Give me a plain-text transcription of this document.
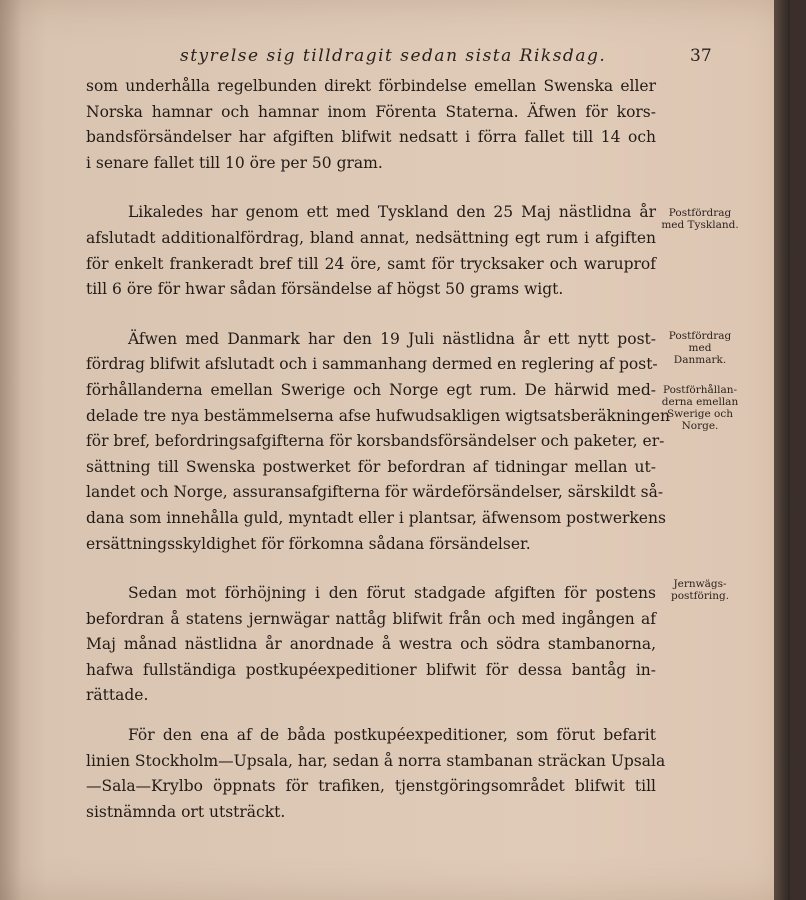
styrelse sig tilldragit sedan sista Riksdag.	37
som underhålla regelbunden direkt förbindelse emellan Swenska eller
Norska hamnar och hamnar inom Förenta Staterna. Äfwen för kors-
bandsförsändelser har afgiften blifwit nedsatt i förra fallet till 14 och
i senare fallet till 10 öre per 50 gram.
Likaledes har genom ett med Tyskland den 25 Maj nästlidna år
afslutadt additionalfördrag, bland annat, nedsättning egt rum i afgiften
för enkelt frankeradt bref till 24 öre, samt för trycksaker och waruprof
till 6 öre för hwar sådan försändelse af högst 50 grams wigt.
Äfwen med Danmark har den 19 Juli nästlidna år ett nytt post-
fördrag blifwit afslutadt och i sammanhang dermed en reglering af post-
förhållanderna emellan Swerige och Norge egt rum. De härwid med-
delade tre nya bestämmelserna afse hufwudsakligen wigtsatsberäkningen
för bref, befordringsafgifterna för korsbandsförsändelser och paketer, er-
sättning till Swenska postwerket för befordran af tidningar mellan ut-
landet och Norge, assuransafgifterna för wärdeförsändelser, särskildt så-
dana som innehålla guld, myntadt eller i plantsar, äfwensom postwerkens
ersättningsskyldighet för förkomna sådana försändelser.
Sedan mot förhöjning i den förut stadgade afgiften för postens
befordran å statens jernwägar nattåg blifwit från och med ingången af
Maj månad nästlidna år anordnade å westra och södra stambanorna,
hafwa fullständiga postkupéexpeditioner blifwit för dessa bantåg in-
rättade.
För den ena af de båda postkupéexpeditioner, som förut befarit
linien Stockholm—Upsala, har, sedan å norra stambanan sträckan Upsala
—Sala—Krylbo öppnats för trafiken, tjenstgöringsområdet blifwit till
sistnämnda ort utsträckt.
Postfördrag
med Tyskland.
Postfördrag
med
Danmark.
Postförhållan-
derna emellan
Swerige och
Norge.
Jernwägs-
postföring.
